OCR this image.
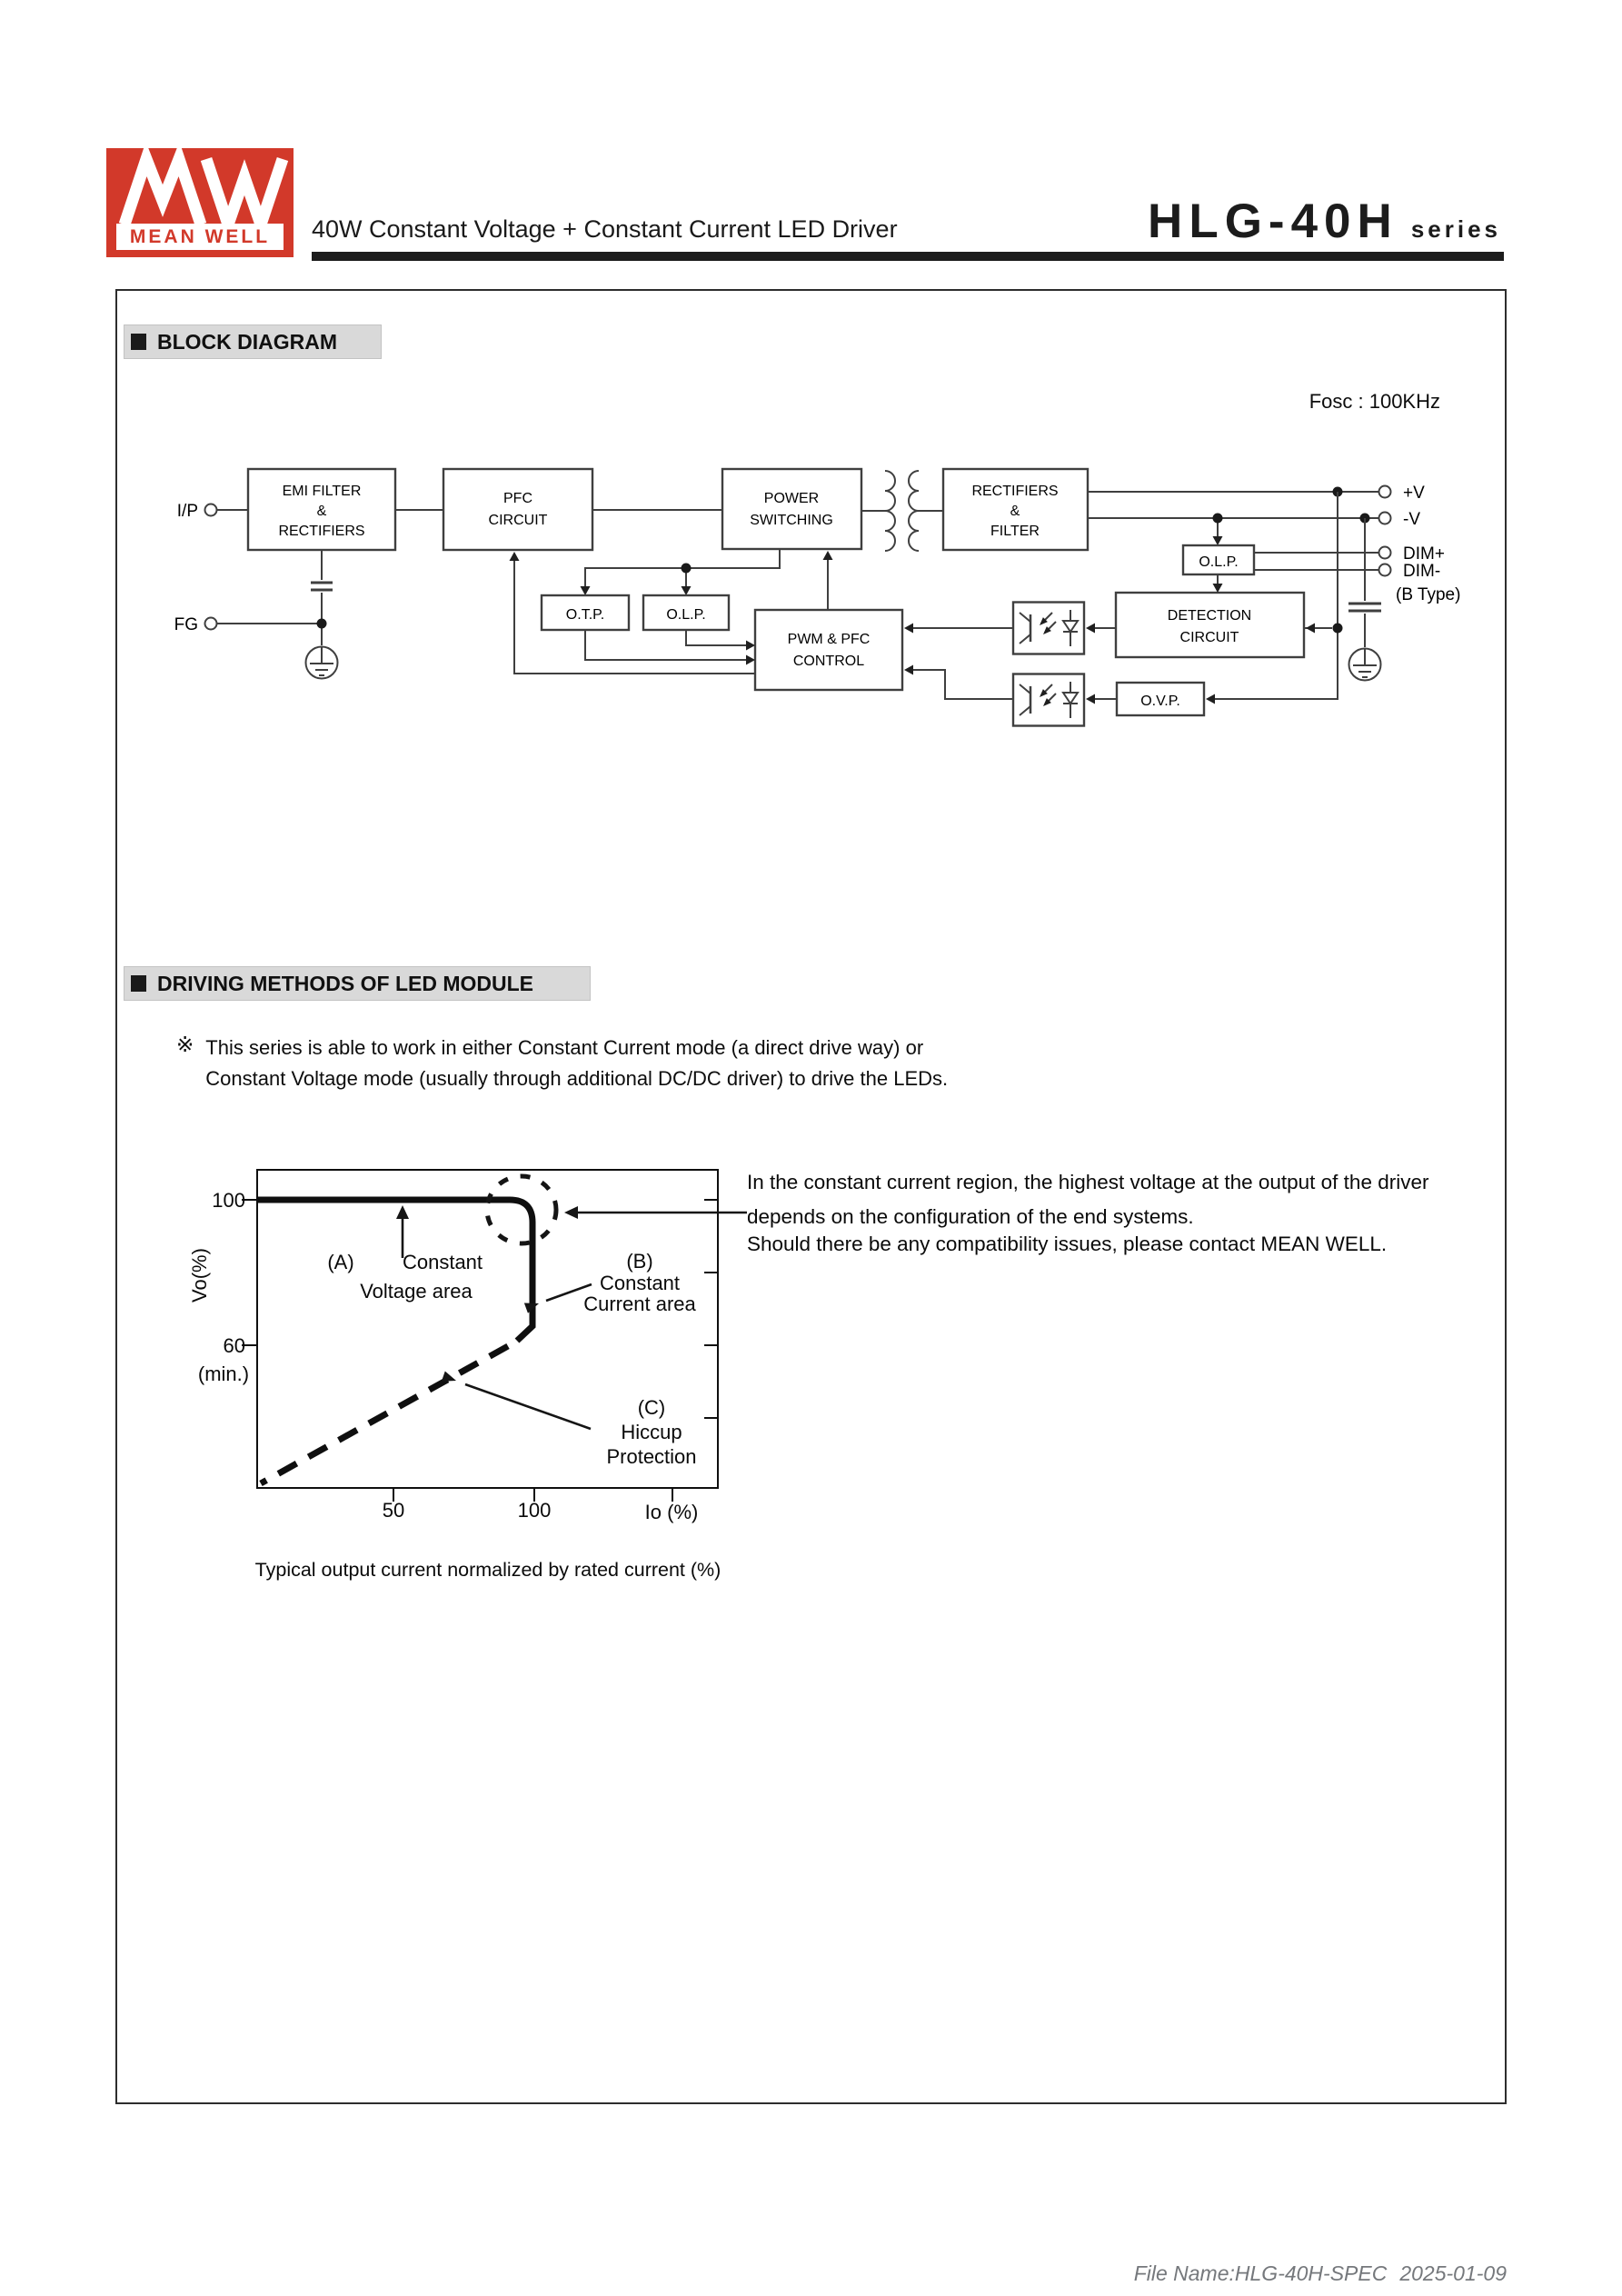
MEAN WELL 40W Constant Voltage + Constant Current LED Driver	HLG-40H series
BLOCK DIAGRAM
Fosc : 100KHz
I/P
FG
EMI FILTER
&
RECTIFIERS
PFC
CIRCUIT
POWER
SWITCHING
RECTIFIERS
&
FILTER
O.T.P.	O.L.P.
PWM & PFC
CONTROL
DETECTION
CIRCUIT
O.L.P.
O.V.P.
+V
-V
DIM+
DIM-
(B Type)
100
60
(min.)
Vo(%)
50	100	Io (%)
(A) Constant
Voltage area
(B)
Constant
Current area
(C)
Hiccup
Protection
In the constant current region, the highest voltage at the output of the driver
depends on the configuration of the end systems.
Should there be any compatibility issues, please contact MEAN WELL.
Typical output current normalized by rated current (%)
DRIVING METHODS OF LED MODULE
※ This series is able to work in either Constant Current mode (a direct drive way) or
Constant Voltage mode (usually through additional DC/DC driver) to drive the LEDs.
File Name:HLG-40H-SPEC 2025-01-09
